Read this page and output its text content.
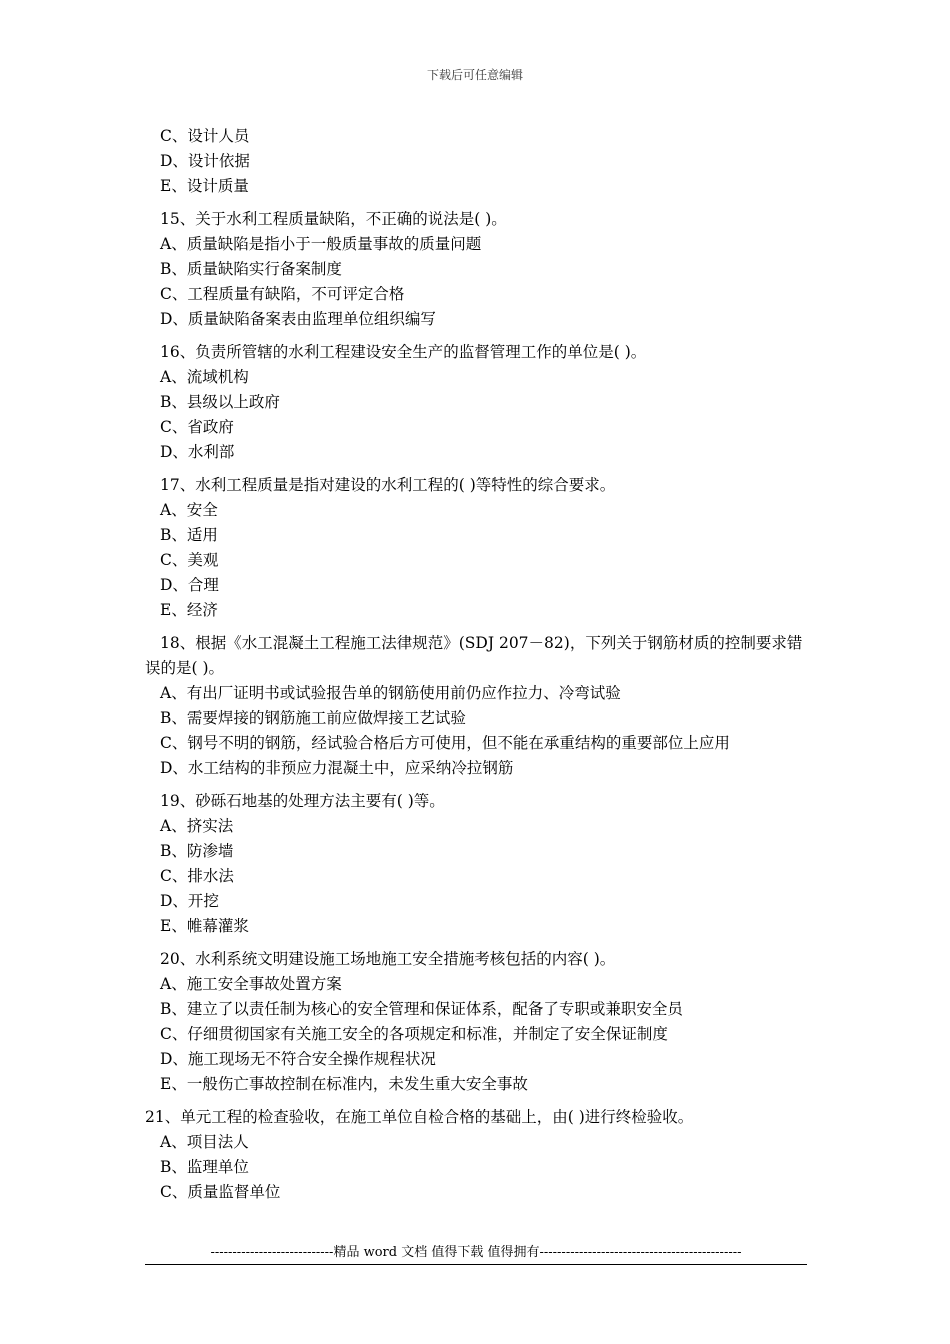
下载后可任意编辑
C、设计人员
D、设计依据
E、设计质量
15、关于水利工程质量缺陷，不正确的说法是( )。
A、质量缺陷是指小于一般质量事故的质量问题
B、质量缺陷实行备案制度
C、工程质量有缺陷，不可评定合格
D、质量缺陷备案表由监理单位组织编写
16、负责所管辖的水利工程建设安全生产的监督管理工作的单位是( )。
A、流域机构
B、县级以上政府
C、省政府
D、水利部
17、水利工程质量是指对建设的水利工程的( )等特性的综合要求。
A、安全
B、适用
C、美观
D、合理
E、经济
18、根据《水工混凝土工程施工法律规范》(SDJ 207－82)，下列关于钢筋材质的控制要求错误的是( )。
A、有出厂证明书或试验报告单的钢筋使用前仍应作拉力、冷弯试验
B、需要焊接的钢筋施工前应做焊接工艺试验
C、钢号不明的钢筋，经试验合格后方可使用，但不能在承重结构的重要部位上应用
D、水工结构的非预应力混凝土中，应采纳冷拉钢筋
19、砂砾石地基的处理方法主要有( )等。
A、挤实法
B、防渗墙
C、排水法
D、开挖
E、帷幕灌浆
20、水利系统文明建设施工场地施工安全措施考核包括的内容( )。
A、施工安全事故处置方案
B、建立了以责任制为核心的安全管理和保证体系，配备了专职或兼职安全员
C、仔细贯彻国家有关施工安全的各项规定和标准，并制定了安全保证制度
D、施工现场无不符合安全操作规程状况
E、一般伤亡事故控制在标准内，未发生重大安全事故
21、单元工程的检查验收，在施工单位自检合格的基础上，由( )进行终检验收。
A、项目法人
B、监理单位
C、质量监督单位
----------------------------精品 word 文档 值得下载 值得拥有----------------------------------------------
